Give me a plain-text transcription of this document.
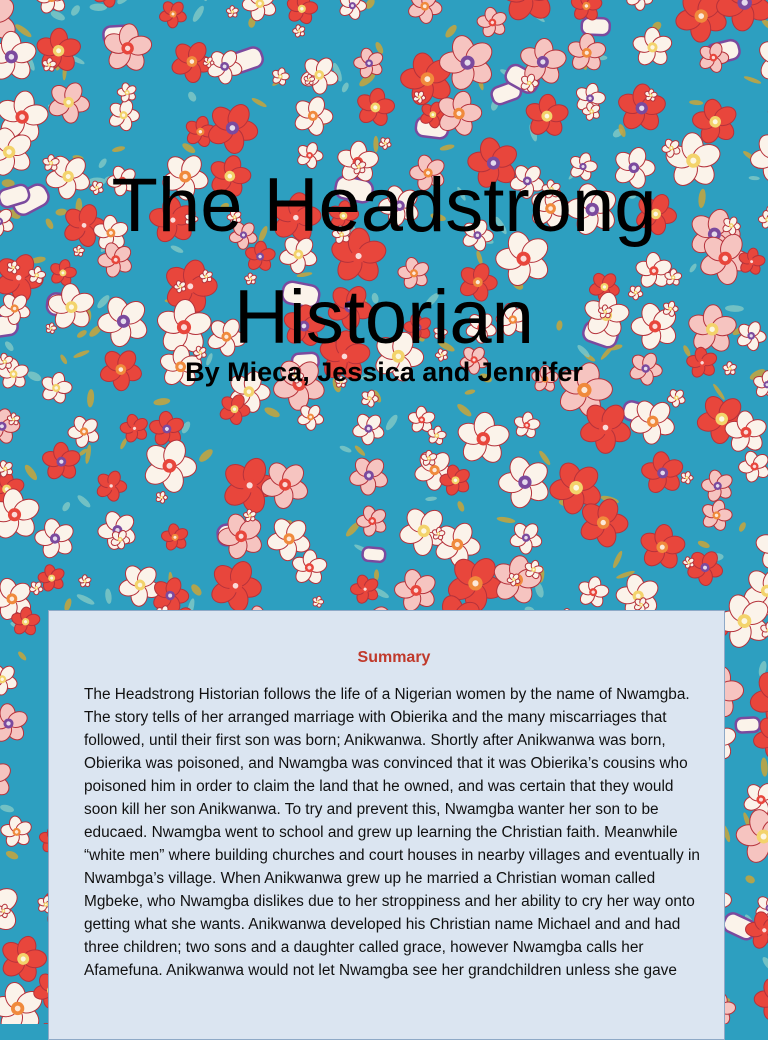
The Headstrong
Historian
By Mieca, Jessica and Jennifer
Summary

The Headstrong Historian follows the life of a Nigerian women by the name of Nwamgba. The story tells of her arranged marriage with Obierika and the many miscarriages that followed, until their first son was born; Anikwanwa. Shortly after Anikwanwa was born, Obierika was poisoned, and Nwamgba was convinced that it was Obierika’s cousins who poisoned him in order to claim the land that he owned, and was certain that they would soon kill her son Anikwanwa. To try and prevent this, Nwamgba wanter her son to be educaed. Nwamgba went to school and grew up learning the Christian faith. Meanwhile “white men” where building churches and court houses in nearby villages and eventually in Nwambga’s village. When Anikwanwa grew up he married a Christian woman called Mgbeke, who Nwamgba dislikes due to her stroppiness and her ability to cry her way onto getting what she wants. Anikwanwa developed his Christian name Michael and and had three children; two sons and a daughter called grace, however Nwamgba calls her Afamefuna. Anikwanwa would not let Nwamgba see her grandchildren unless she gave
